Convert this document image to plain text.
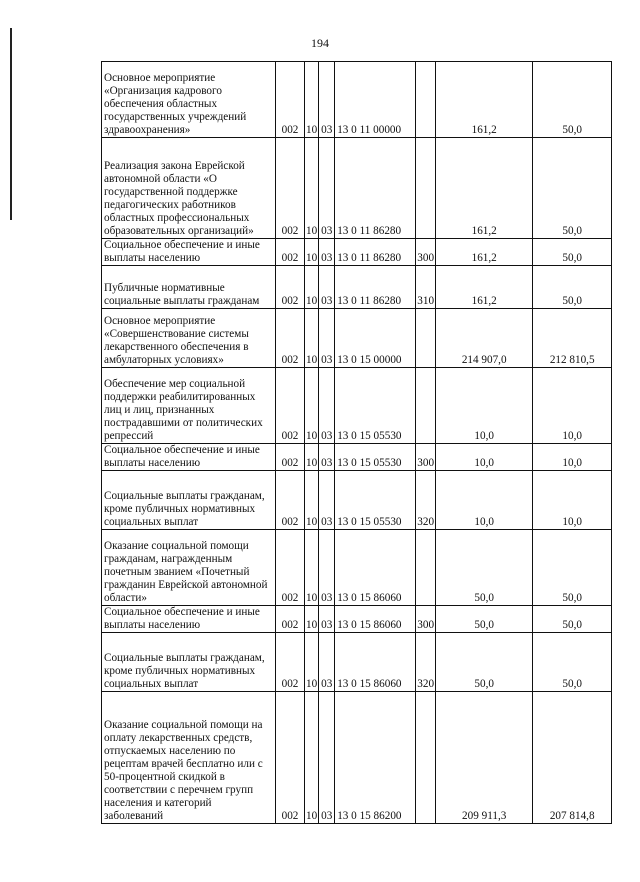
194
Основное мероприятие «Организация кадрового обеспечения областных государственных учреждений здравоохранения»	002	10	03	13 0 11 00000		161,2	50,0
Реализация закона Еврейской автономной области «О государственной поддержке педагогических работников областных профессиональных образовательных организаций»	002	10	03	13 0 11 86280		161,2	50,0
Социальное обеспечение и иные выплаты населению	002	10	03	13 0 11 86280	300	161,2	50,0
Публичные нормативные социальные выплаты гражданам	002	10	03	13 0 11 86280	310	161,2	50,0
Основное мероприятие «Совершенствование системы лекарственного обеспечения в амбулаторных условиях»	002	10	03	13 0 15 00000		214 907,0	212 810,5
Обеспечение мер социальной поддержки реабилитированных лиц и лиц, признанных пострадавшими от политических репрессий	002	10	03	13 0 15 05530		10,0	10,0
Социальное обеспечение и иные выплаты населению	002	10	03	13 0 15 05530	300	10,0	10,0
Социальные выплаты гражданам, кроме публичных нормативных социальных выплат	002	10	03	13 0 15 05530	320	10,0	10,0
Оказание социальной помощи гражданам, награжденным почетным званием «Почетный гражданин Еврейской автономной области»	002	10	03	13 0 15 86060		50,0	50,0
Социальное обеспечение и иные выплаты населению	002	10	03	13 0 15 86060	300	50,0	50,0
Социальные выплаты гражданам, кроме публичных нормативных социальных выплат	002	10	03	13 0 15 86060	320	50,0	50,0
Оказание социальной помощи на оплату лекарственных средств, отпускаемых населению по рецептам врачей бесплатно или с 50-процентной скидкой в соответствии с перечнем групп населения и категорий заболеваний	002	10	03	13 0 15 86200		209 911,3	207 814,8
